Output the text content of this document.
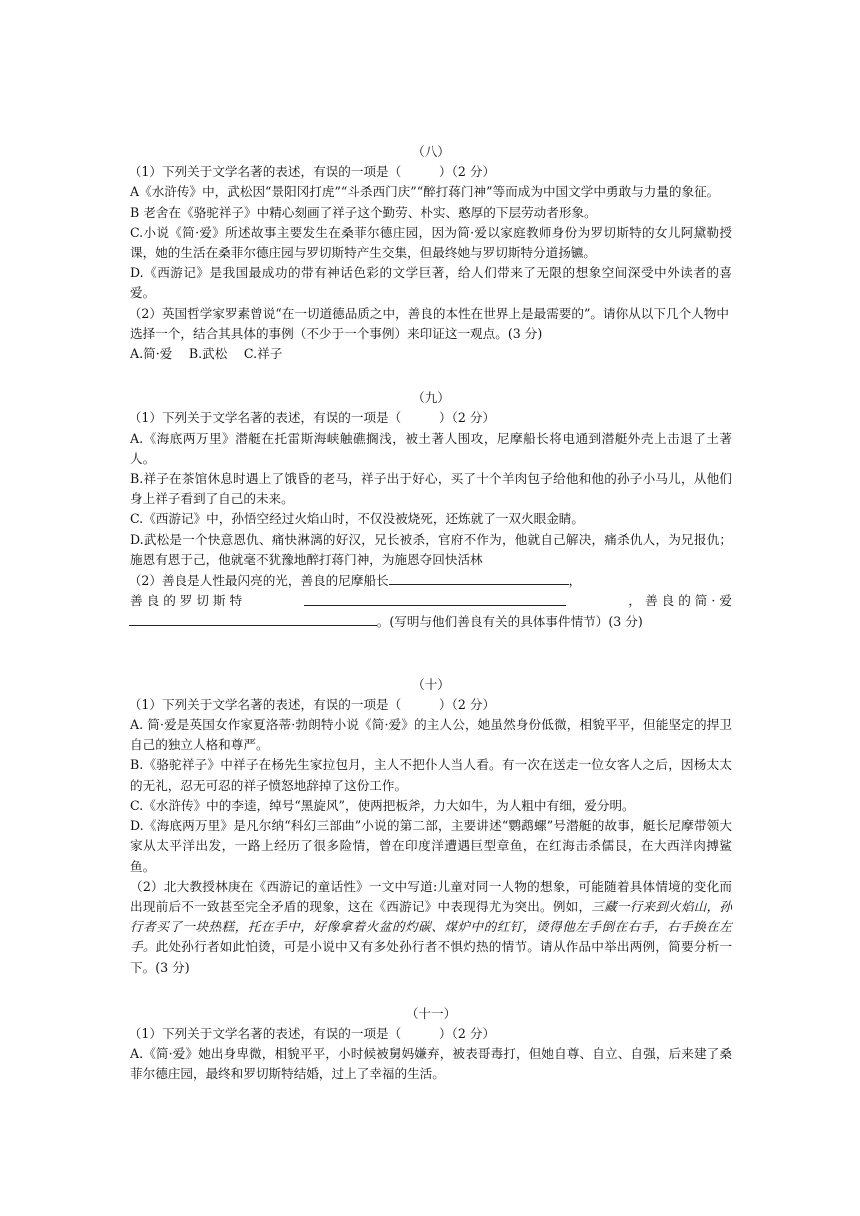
（八）

（1）下列关于文学名著的表述，有误的一项是（　　　）（2 分）

A《水浒传》中，武松因“景阳冈打虎”“斗杀西门庆”“醉打蒋门神”等而成为中国文学中勇敢与力量的象征。

B 老舍在《骆驼祥子》中精心刻画了祥子这个勤劳、朴实、憨厚的下层劳动者形象。

C.小说《简·爱》所述故事主要发生在桑菲尔德庄园，因为简·爱以家庭教师身份为罗切斯特的女儿阿黛勒授课，她的生活在桑菲尔德庄园与罗切斯特产生交集，但最终她与罗切斯特分道扬镳。

D.《西游记》是我国最成功的带有神话色彩的文学巨著，给人们带来了无限的想象空间深受中外读者的喜爱。

（2）英国哲学家罗素曾说“在一切道德品质之中，善良的本性在世界上是最需要的”。请你从以下几个人物中选择一个，结合其具体的事例（不少于一个事例）来印证这一观点。(3 分)

A.简·爱　 B.武松 　C.祥子

（九）

（1）下列关于文学名著的表述，有误的一项是（　　　）（2 分）

A.《海底两万里》潜艇在托雷斯海峡触礁搁浅，被土著人围攻，尼摩船长将电通到潜艇外壳上击退了土著人。

B.祥子在茶馆休息时遇上了饿昏的老马，祥子出于好心，买了十个羊肉包子给他和他的孙子小马儿，从他们身上祥子看到了自己的未来。

C.《西游记》中，孙悟空经过火焰山时，不仅没被烧死，还炼就了一双火眼金睛。

D.武松是一个快意恩仇、痛快淋漓的好汉，兄长被杀，官府不作为，他就自己解决，痛杀仇人，为兄报仇；施恩有恩于己，他就毫不犹豫地醉打蒋门神，为施恩夺回快活林

（2）善良是人性最闪亮的光，善良的尼摩船长	，

善 良 的 罗 切 斯 特	， 善 良 的 简 · 爱

。(写明与他们善良有关的具体事件情节）(3 分)

（十）

（1）下列关于文学名著的表述，有误的一项是（　　　）（2 分）

A. 简·爱是英国女作家夏洛蒂·勃朗特小说《简·爱》的主人公，她虽然身份低微，相貌平平，但能坚定的捍卫自己的独立人格和尊严。

B.《骆驼祥子》中祥子在杨先生家拉包月，主人不把仆人当人看。有一次在送走一位女客人之后，因杨太太的无礼，忍无可忍的祥子愤怒地辞掉了这份工作。

C.《水浒传》中的李逵，绰号“黑旋风”，使两把板斧，力大如牛，为人粗中有细，爱分明。

D.《海底两万里》是凡尔纳“科幻三部曲”小说的第二部，主要讲述“鹦鹉螺”号潜艇的故事，艇长尼摩带领大家从太平洋出发，一路上经历了很多险情，曾在印度洋遭遇巨型章鱼，在红海击杀儒艮，在大西洋肉搏鲨鱼。

（2）北大教授林庚在《西游记的童话性》一文中写道:儿童对同一人物的想象，可能随着具体情境的变化而出现前后不一致甚至完全矛盾的现象，这在《西游记》中表现得尤为突出。例如，三藏一行来到火焰山，孙行者买了一块热糕，托在手中，好像拿着火盆的灼碳、煤炉中的红钉，烫得他左手倒在右手，右手换在左手。此处孙行者如此怕烫，可是小说中又有多处孙行者不惧灼热的情节。请从作品中举出两例，简要分析一下。(3 分)

（十一）

（1）下列关于文学名著的表述，有误的一项是（　　　）（2 分）

A.《简·爱》她出身卑微，相貌平平，小时候被舅妈嫌弃，被表哥毒打，但她自尊、自立、自强，后来建了桑菲尔德庄园，最终和罗切斯特结婚，过上了幸福的生活。
